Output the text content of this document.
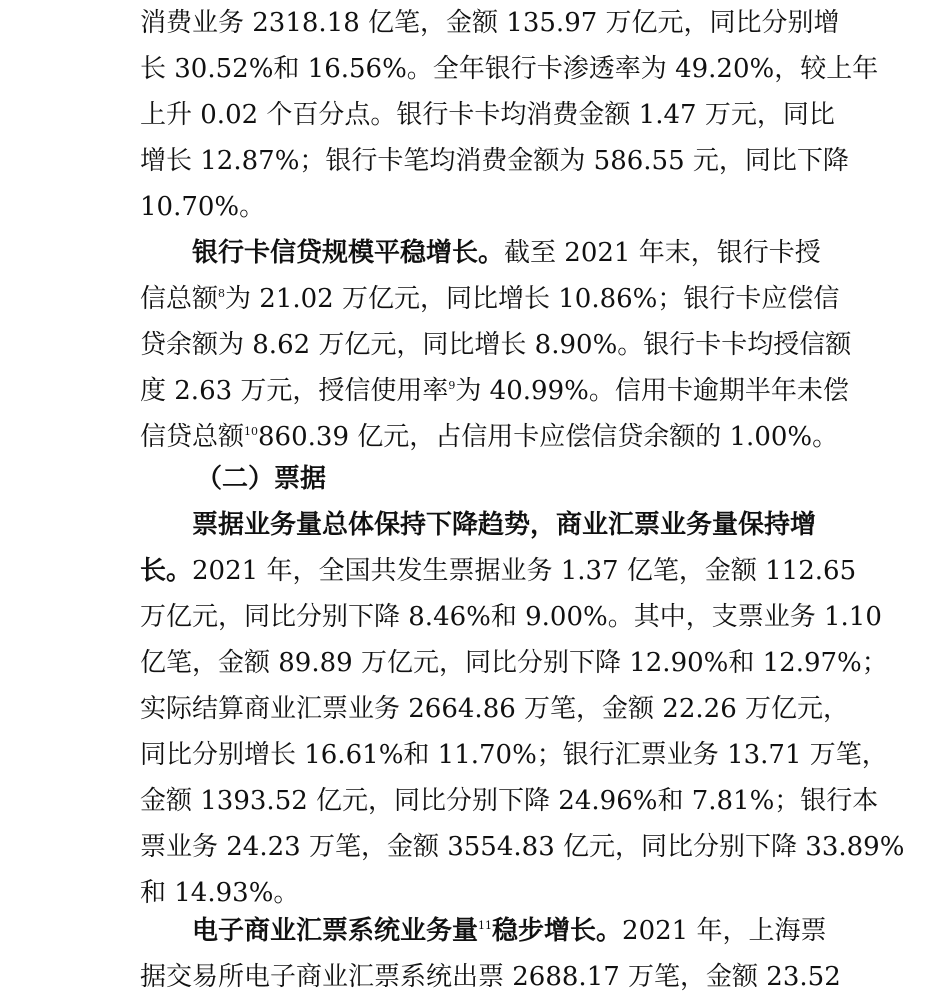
消费业务 2318.18 亿笔，金额 135.97 万亿元，同比分别增
长 30.52%和 16.56%。全年银行卡渗透率为 49.20%，较上年
上升 0.02 个百分点。银行卡卡均消费金额 1.47 万元，同比
增长 12.87%；银行卡笔均消费金额为 586.55 元，同比下降
10.70%。
银行卡信贷规模平稳增长。截至 2021 年末，银行卡授
信总额$^8$为 21.02 万亿元，同比增长 10.86%；银行卡应偿信
贷余额为 8.62 万亿元，同比增长 8.90%。银行卡卡均授信额
度 2.63 万元，授信使用率$^9$为 40.99%。信用卡逾期半年未偿
信贷总额$^{10}$860.39 亿元，占信用卡应偿信贷余额的 1.00%。
（二）票据
票据业务量总体保持下降趋势，商业汇票业务量保持增
长。2021 年，全国共发生票据业务 1.37 亿笔，金额 112.65
万亿元，同比分别下降 8.46%和 9.00%。其中，支票业务 1.10
亿笔，金额 89.89 万亿元，同比分别下降 12.90%和 12.97%；
实际结算商业汇票业务 2664.86 万笔，金额 22.26 万亿元，
同比分别增长 16.61%和 11.70%；银行汇票业务 13.71 万笔，
金额 1393.52 亿元，同比分别下降 24.96%和 7.81%；银行本
票业务 24.23 万笔，金额 3554.83 亿元，同比分别下降 33.89%
和 14.93%。
电子商业汇票系统业务量$^{11}$稳步增长。2021 年，上海票
据交易所电子商业汇票系统出票 2688.17 万笔，金额 23.52
